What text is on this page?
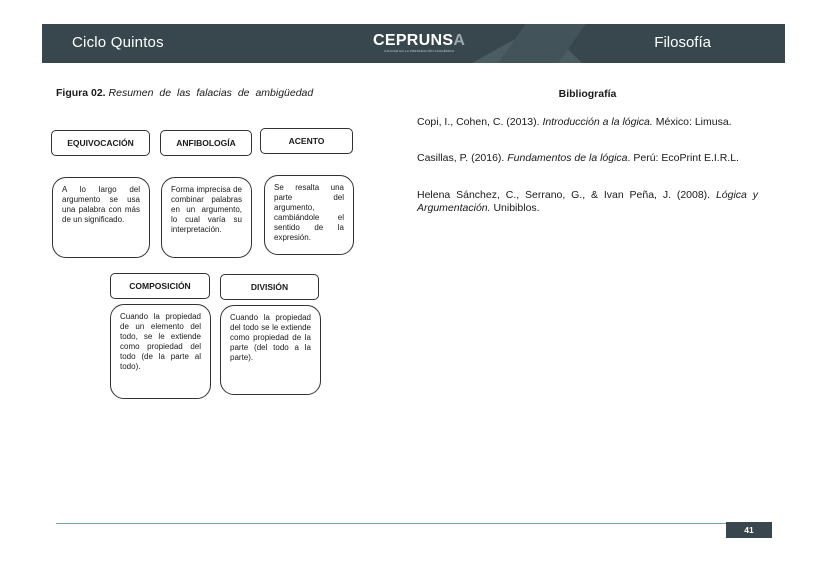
Ciclo Quintos	CEPRUNSA
CALIDAD EN LA PREPARACIÓN ACADÉMICA	Filosofía
Figura 02. Resumen de las falacias de ambigüedad
EQUIVOCACIÓN	ANFIBOLOGÍA	ACENTO
A lo largo del argumento se usa una palabra con más de un significado.
Forma imprecisa de combinar palabras en un argumento, lo cual varía su interpretación.
Se resalta una parte del argumento, cambiándole el sentido de la expresión.
COMPOSICIÓN	DIVISIÓN
Cuando la propiedad de un elemento del todo, se le extiende como propiedad del todo (de la parte al todo).
Cuando la propiedad del todo se le extiende como propiedad de la parte (del todo a la parte).
Bibliografía
Copi, I., Cohen, C. (2013). Introducción a la lógica. México: Limusa.
Casillas, P. (2016). Fundamentos de la lógica. Perú: EcoPrint E.I.R.L.
Helena Sánchez, C., Serrano, G., & Ivan Peña, J. (2008). Lógica y Argumentación. Unibiblos.
41
